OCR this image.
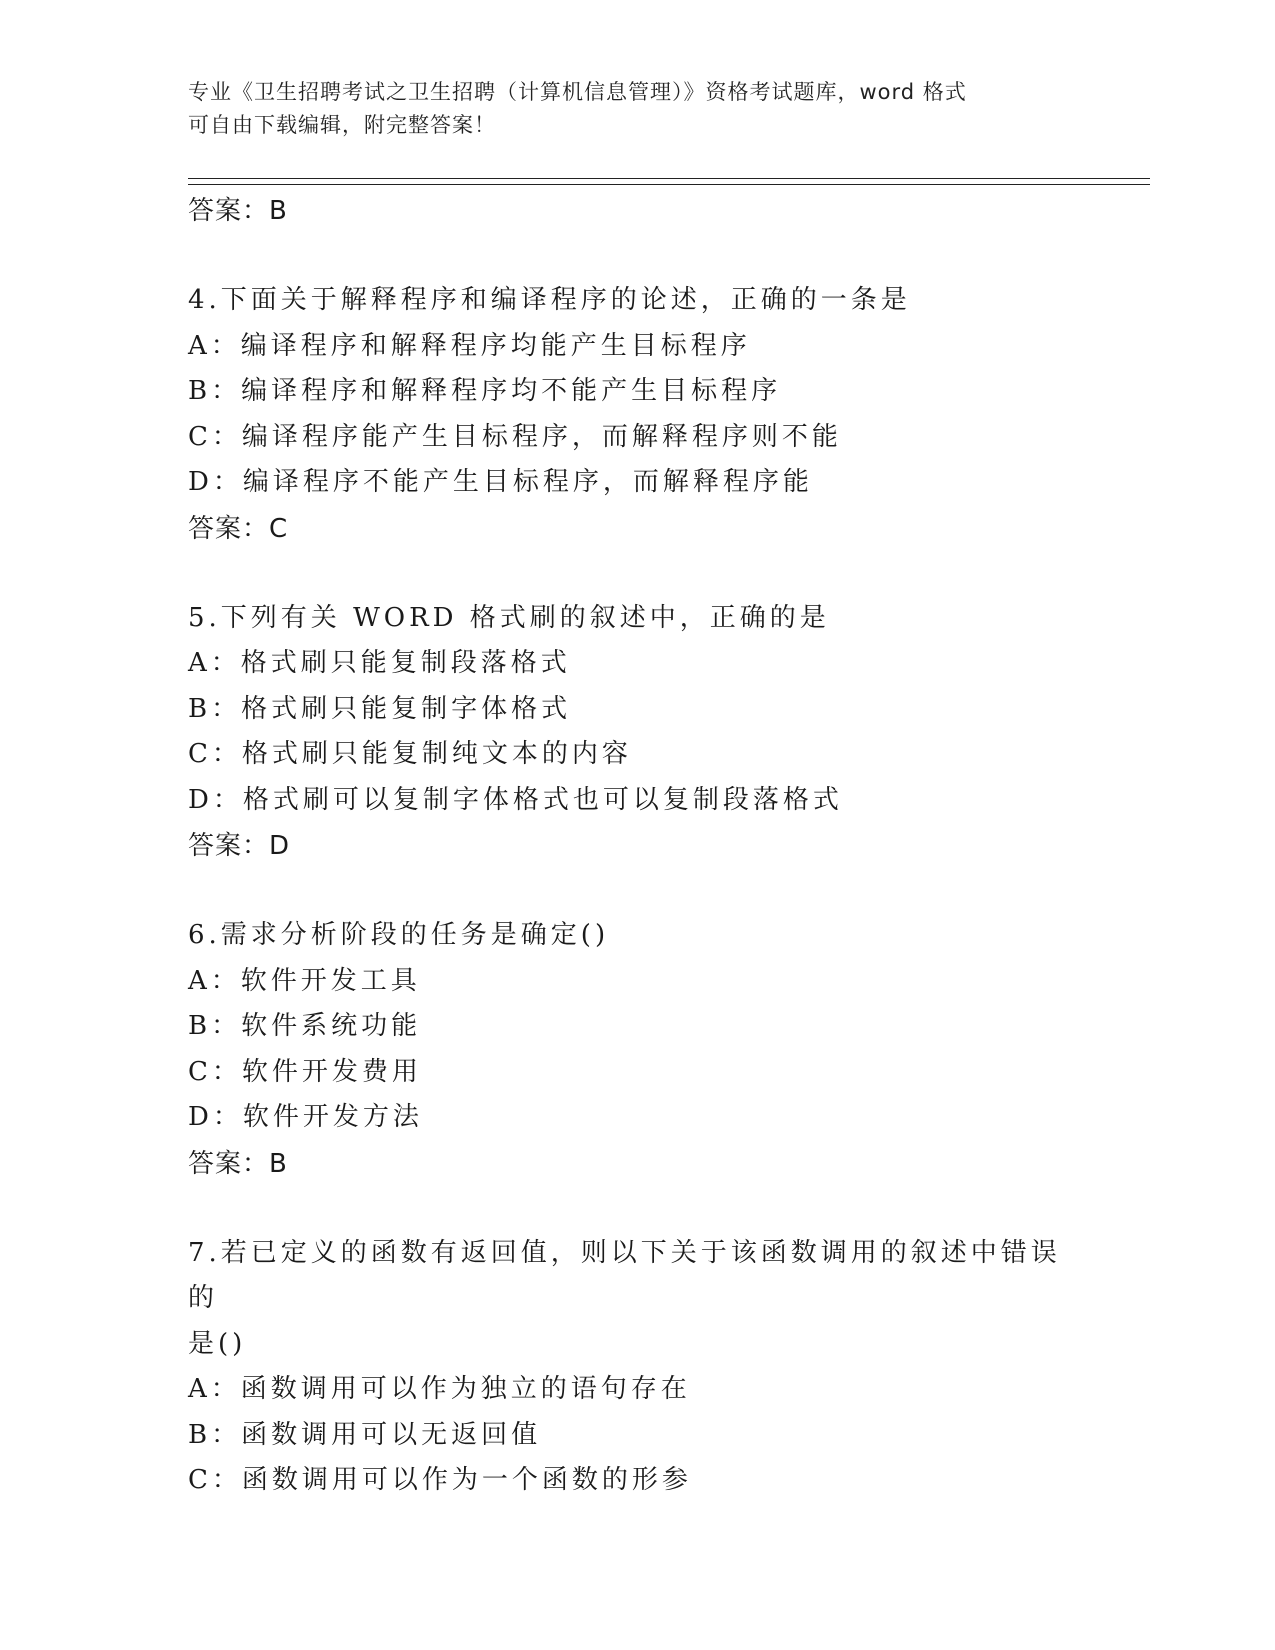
专业《卫生招聘考试之卫生招聘（计算机信息管理）》资格考试题库，word 格式
可自由下载编辑，附完整答案！
答案：B
4.下面关于解释程序和编译程序的论述，正确的一条是
A：编译程序和解释程序均能产生目标程序
B：编译程序和解释程序均不能产生目标程序
C：编译程序能产生目标程序，而解释程序则不能
D：编译程序不能产生目标程序，而解释程序能
答案：C
5.下列有关 WORD 格式刷的叙述中，正确的是
A：格式刷只能复制段落格式
B：格式刷只能复制字体格式
C：格式刷只能复制纯文本的内容
D：格式刷可以复制字体格式也可以复制段落格式
答案：D
6.需求分析阶段的任务是确定()
A：软件开发工具
B：软件系统功能
C：软件开发费用
D：软件开发方法
答案：B
7.若已定义的函数有返回值，则以下关于该函数调用的叙述中错误的
是()
A：函数调用可以作为独立的语句存在
B：函数调用可以无返回值
C：函数调用可以作为一个函数的形参
